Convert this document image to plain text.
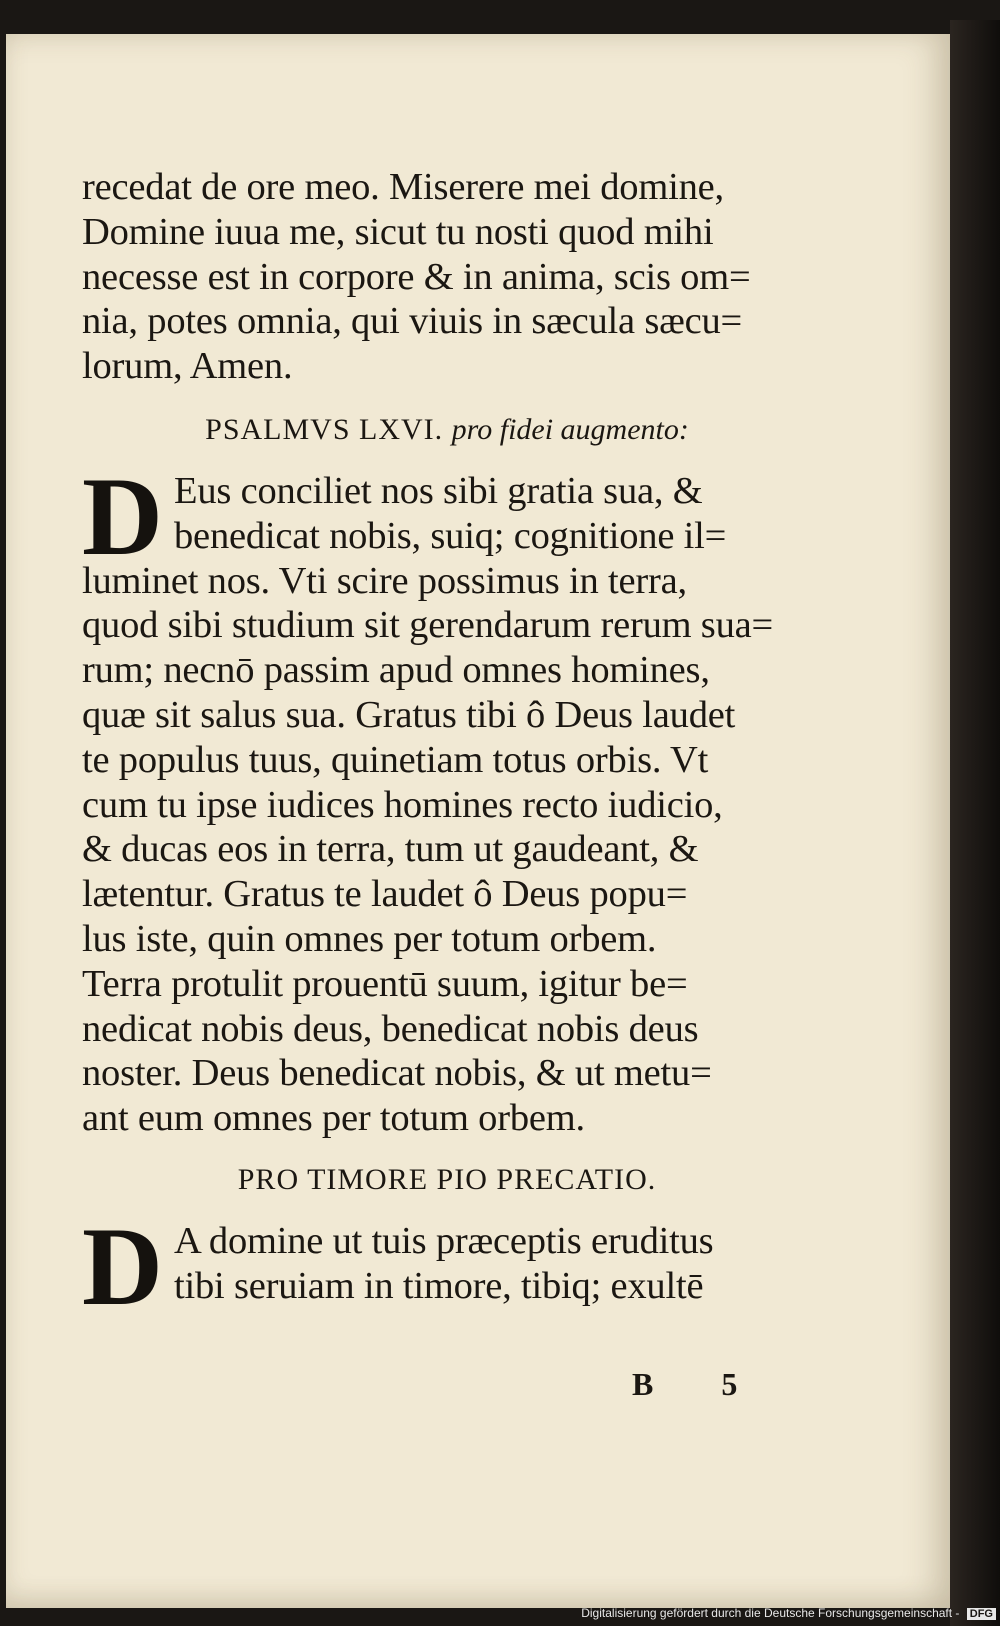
recedat de ore meo. Miserere mei domine,
Domine iuua me, sicut tu nosti quod mihi
necesse est in corpore & in anima, scis om=
nia, potes omnia, qui viuis in sæcula sæcu=
lorum, Amen.
PSALMVS LXVI. pro fidei augmento:
D Eus conciliet nos sibi gratia sua, &
benedicat nobis, suiq; cognitione il=
luminet nos. Vti scire possimus in terra,
quod sibi studium sit gerendarum rerum sua=
rum; necnō passim apud omnes homines,
quæ sit salus sua. Gratus tibi ô Deus laudet
te populus tuus, quinetiam totus orbis. Vt
cum tu ipse iudices homines recto iudicio,
& ducas eos in terra, tum ut gaudeant, &
lætentur. Gratus te laudet ô Deus popu=
lus iste, quin omnes per totum orbem.
Terra protulit prouentū suum, igitur be=
nedicat nobis deus, benedicat nobis deus
noster. Deus benedicat nobis, & ut metu=
ant eum omnes per totum orbem.
PRO TIMORE PIO PRECATIO.
D A domine ut tuis præceptis eruditus
tibi seruiam in timore, tibiq; exultē
B 5
Digitalisierung gefördert durch die Deutsche Forschungsgemeinschaft - DFG
